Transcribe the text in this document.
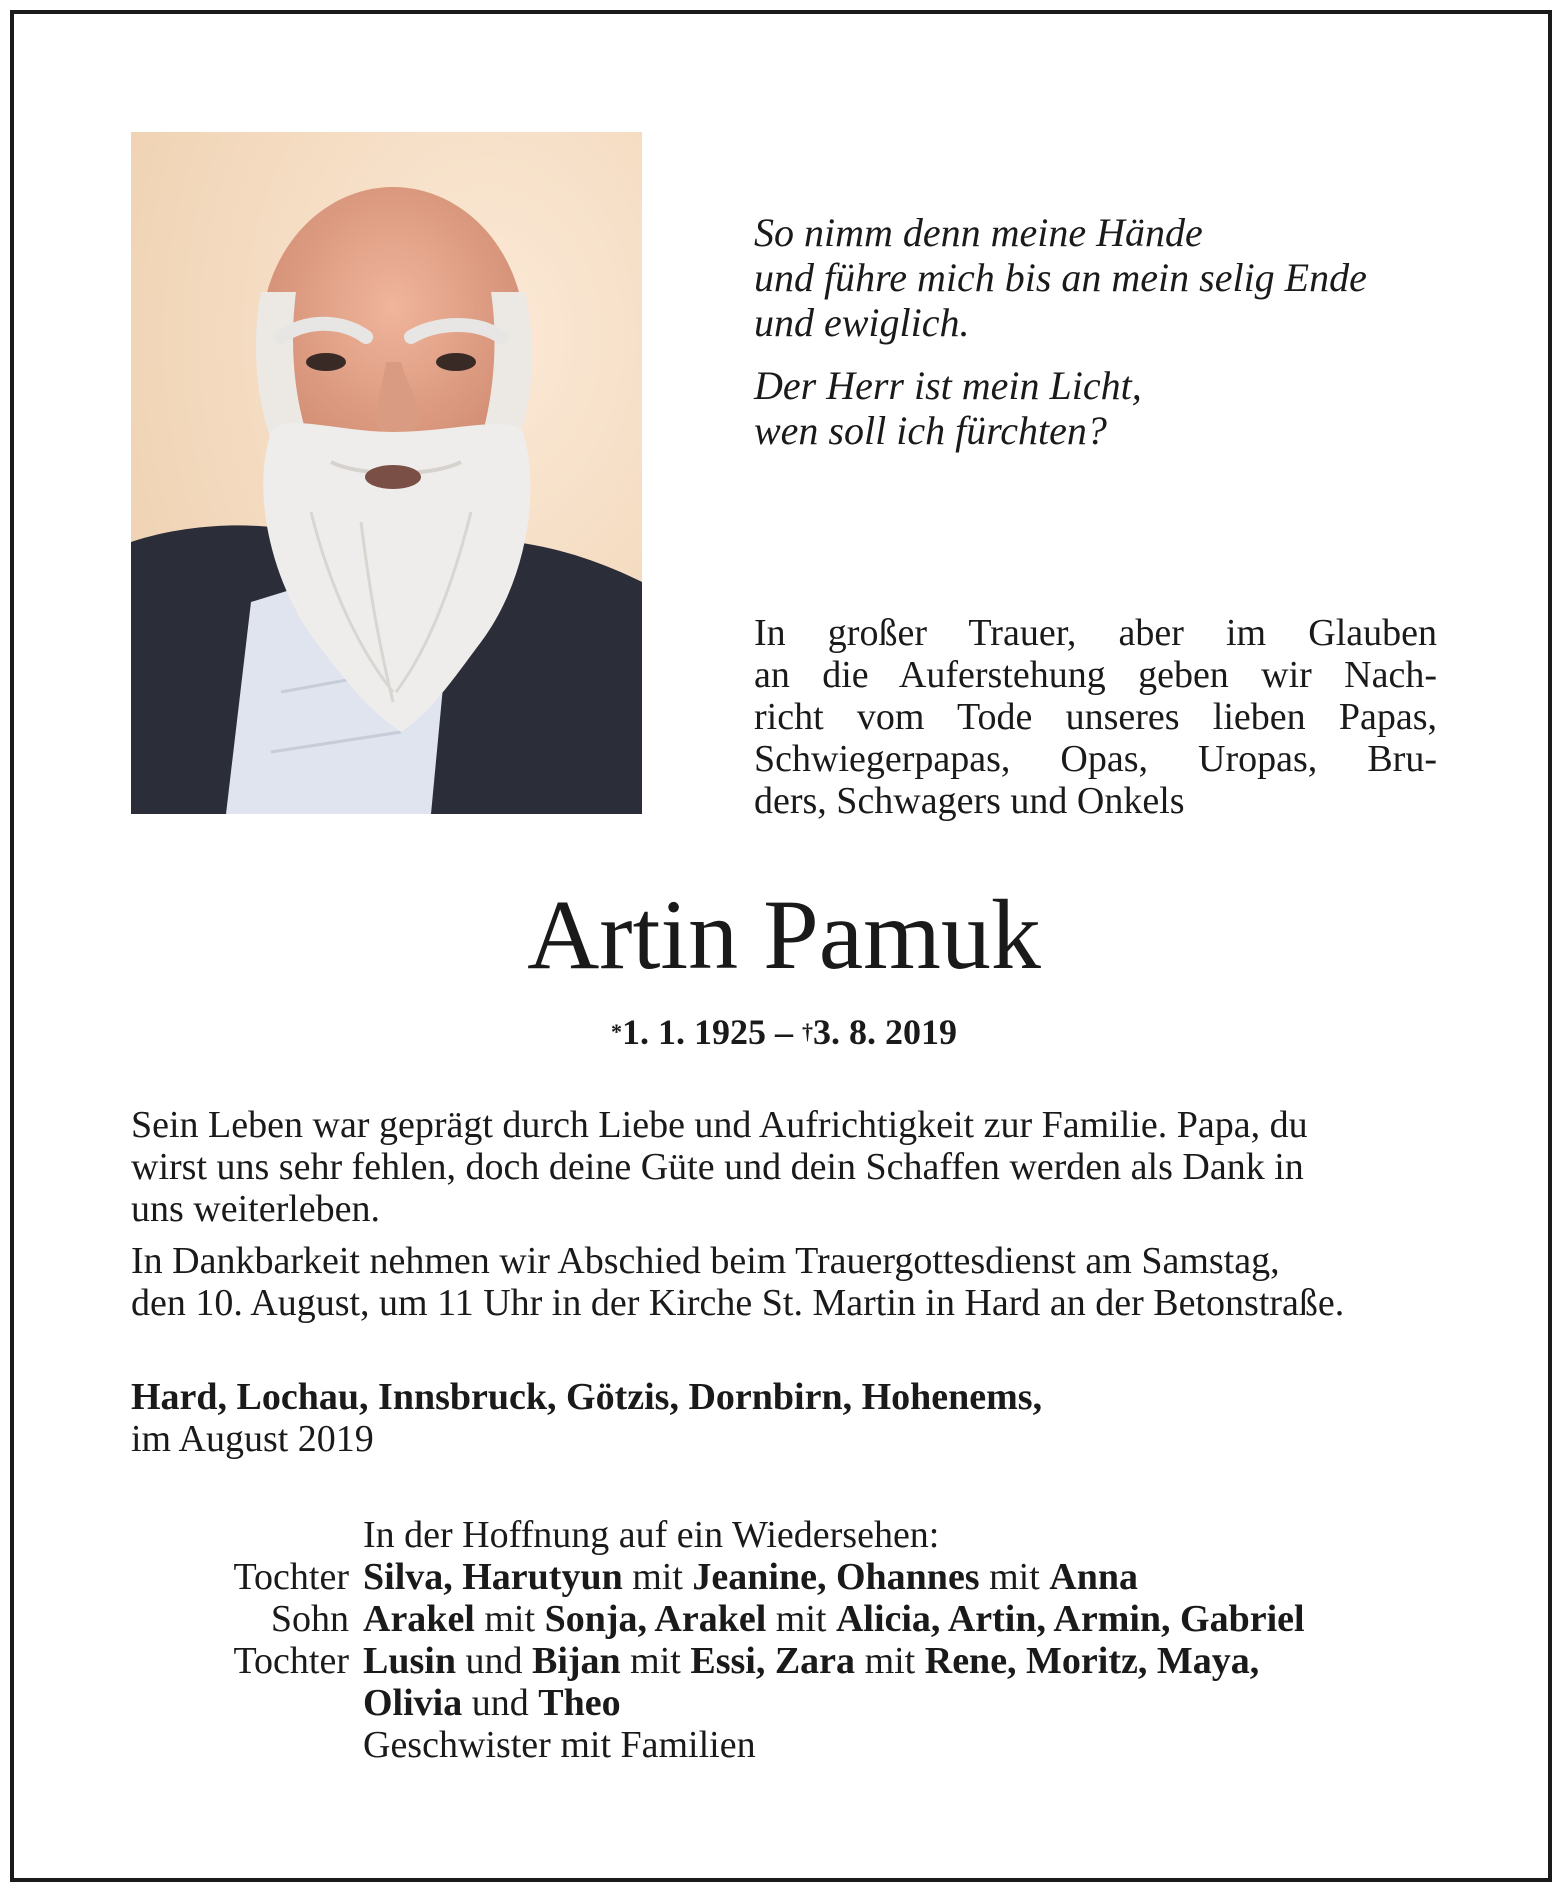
So nimm denn meine Hände
und führe mich bis an mein selig Ende
und ewiglich.

Der Herr ist mein Licht,
wen soll ich fürchten?

In großer Trauer, aber im Glauben
an die Auferstehung geben wir Nach-
richt vom Tode unseres lieben Papas,
Schwiegerpapas, Opas, Uropas, Bru-
ders, Schwagers und Onkels
Artin Pamuk
*1. 1. 1925 – †3. 8. 2019

Sein Leben war geprägt durch Liebe und Aufrichtigkeit zur Familie. Papa, du
wirst uns sehr fehlen, doch deine Güte und dein Schaffen werden als Dank in
uns weiterleben.

In Dankbarkeit nehmen wir Abschied beim Trauergottesdienst am Samstag,
den 10. August, um 11 Uhr in der Kirche St. Martin in Hard an der Betonstraße.

Hard, Lochau, Innsbruck, Götzis, Dornbirn, Hohenems,
im August 2019
In der Hoffnung auf ein Wiedersehen:
Tochter Silva, Harutyun mit Jeanine, Ohannes mit Anna
Sohn Arakel mit Sonja, Arakel mit Alicia, Artin, Armin, Gabriel
Tochter Lusin und Bijan mit Essi, Zara mit Rene, Moritz, Maya,
Olivia und Theo
Geschwister mit Familien
